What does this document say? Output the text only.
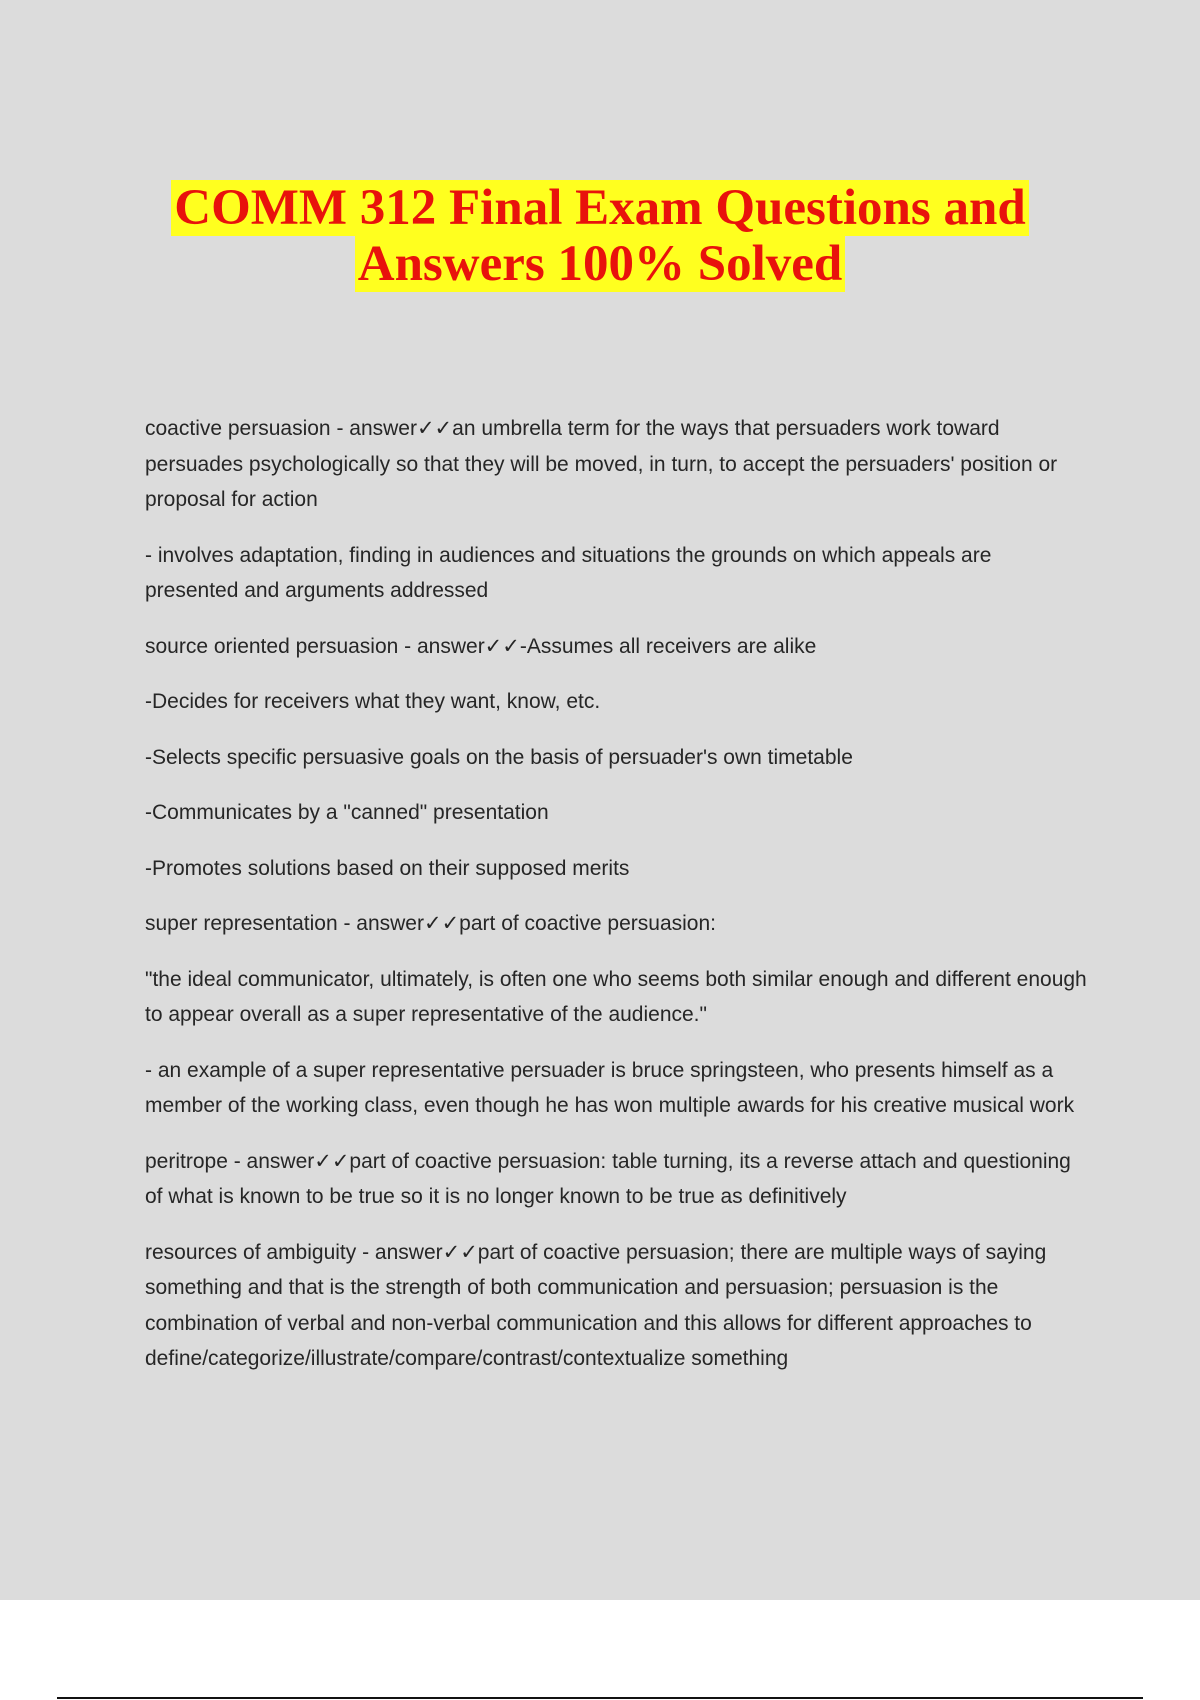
COMM 312 Final Exam Questions and
Answers 100% Solved

coactive persuasion - answer✓✓an umbrella term for the ways that persuaders work toward persuades psychologically so that they will be moved, in turn, to accept the persuaders' position or proposal for action

- involves adaptation, finding in audiences and situations the grounds on which appeals are presented and arguments addressed

source oriented persuasion - answer✓✓-Assumes all receivers are alike

-Decides for receivers what they want, know, etc.

-Selects specific persuasive goals on the basis of persuader's own timetable

-Communicates by a "canned" presentation

-Promotes solutions based on their supposed merits

super representation - answer✓✓part of coactive persuasion:

"the ideal communicator, ultimately, is often one who seems both similar enough and different enough to appear overall as a super representative of the audience."

- an example of a super representative persuader is bruce springsteen, who presents himself as a member of the working class, even though he has won multiple awards for his creative musical work

peritrope - answer✓✓part of coactive persuasion: table turning, its a reverse attach and questioning of what is known to be true so it is no longer known to be true as definitively

resources of ambiguity - answer✓✓part of coactive persuasion; there are multiple ways of saying something and that is the strength of both communication and persuasion; persuasion is the combination of verbal and non-verbal communication and this allows for different approaches to define/categorize/illustrate/compare/contrast/contextualize something
